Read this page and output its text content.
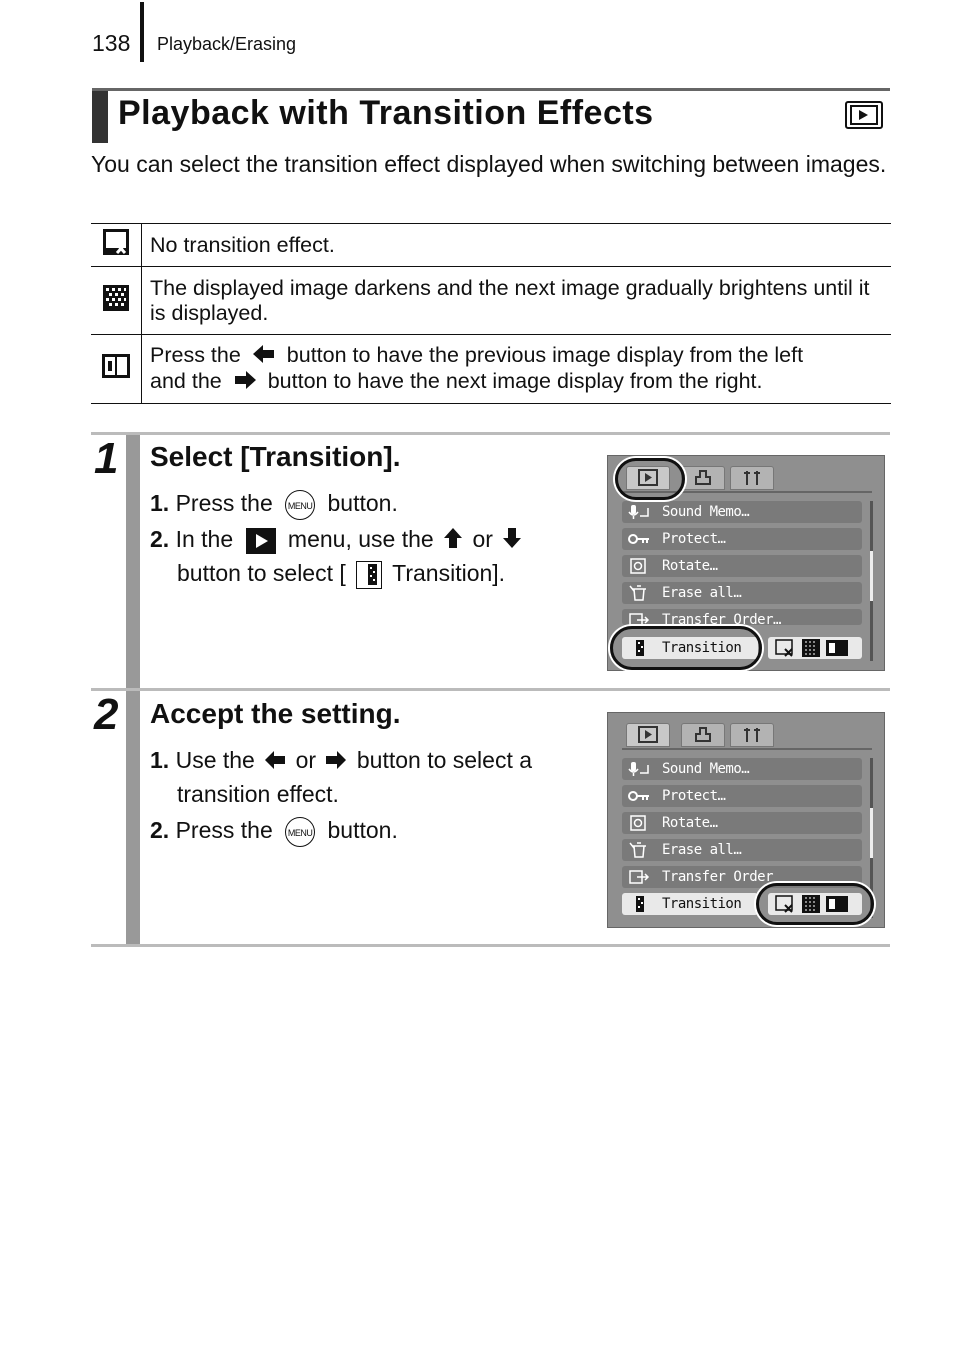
138 Playback/Erasing
Playback with Transition Effects
You can select the transition effect displayed when switching between images.
	No transition effect.
	The displayed image darkens and the next image gradually brightens until it is displayed.
	Press the button to have the previous image display from the left
and the button to have the next image display from the right.
1 Select [Transition].
1. Press the MENU button.
2. In the menu, use the or
button to select [ Transition].
Sound Memo…
Protect…
Rotate…
Erase all…
Transfer Order…
Transition
2 Accept the setting.
1. Use the or button to select a
transition effect.
2. Press the MENU button.
Sound Memo…
Protect…
Rotate…
Erase all…
Transfer Order
Transition
